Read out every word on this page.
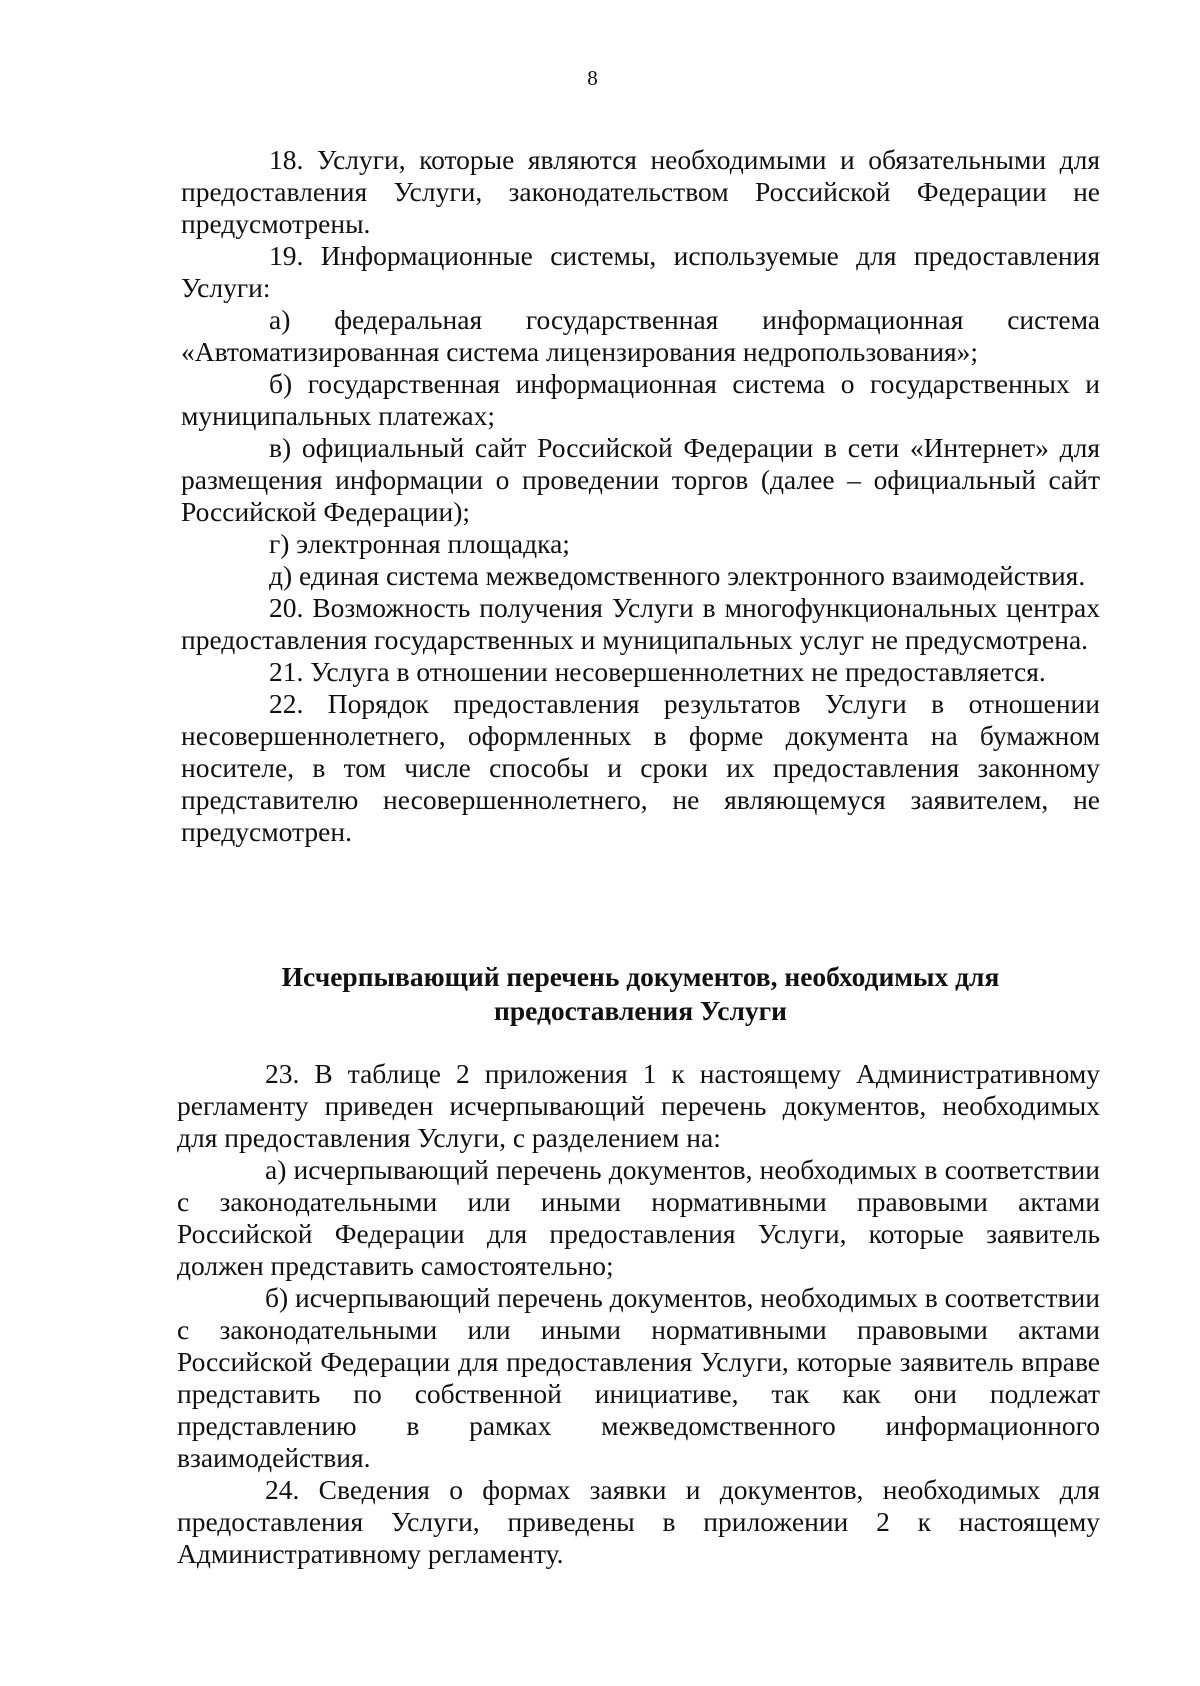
8

18. Услуги, которые являются необходимыми и обязательными для предоставления Услуги, законодательством Российской Федерации не предусмотрены.

19. Информационные системы, используемые для предоставления Услуги:

а) федеральная государственная информационная система «Автоматизированная система лицензирования недропользования»;

б) государственная информационная система о государственных и муниципальных платежах;

в) официальный сайт Российской Федерации в сети «Интернет» для размещения информации о проведении торгов (далее – официальный сайт Российской Федерации);

г) электронная площадка;

д) единая система межведомственного электронного взаимодействия.

20. Возможность получения Услуги в многофункциональных центрах предоставления государственных и муниципальных услуг не предусмотрена.

21. Услуга в отношении несовершеннолетних не предоставляется.

22. Порядок предоставления результатов Услуги в отношении несовершеннолетнего, оформленных в форме документа на бумажном носителе, в том числе способы и сроки их предоставления законному представителю несовершеннолетнего, не являющемуся заявителем, не предусмотрен.

Исчерпывающий перечень документов, необходимых для
предоставления Услуги

23. В таблице 2 приложения 1 к настоящему Административному регламенту приведен исчерпывающий перечень документов, необходимых для предоставления Услуги, с разделением на:

а) исчерпывающий перечень документов, необходимых в соответствии с законодательными или иными нормативными правовыми актами Российской Федерации для предоставления Услуги, которые заявитель должен представить самостоятельно;

б) исчерпывающий перечень документов, необходимых в соответствии с законодательными или иными нормативными правовыми актами Российской Федерации для предоставления Услуги, которые заявитель вправе представить по собственной инициативе, так как они подлежат представлению в рамках межведомственного информационного взаимодействия.

24. Сведения о формах заявки и документов, необходимых для предоставления Услуги, приведены в приложении 2 к настоящему Административному регламенту.
